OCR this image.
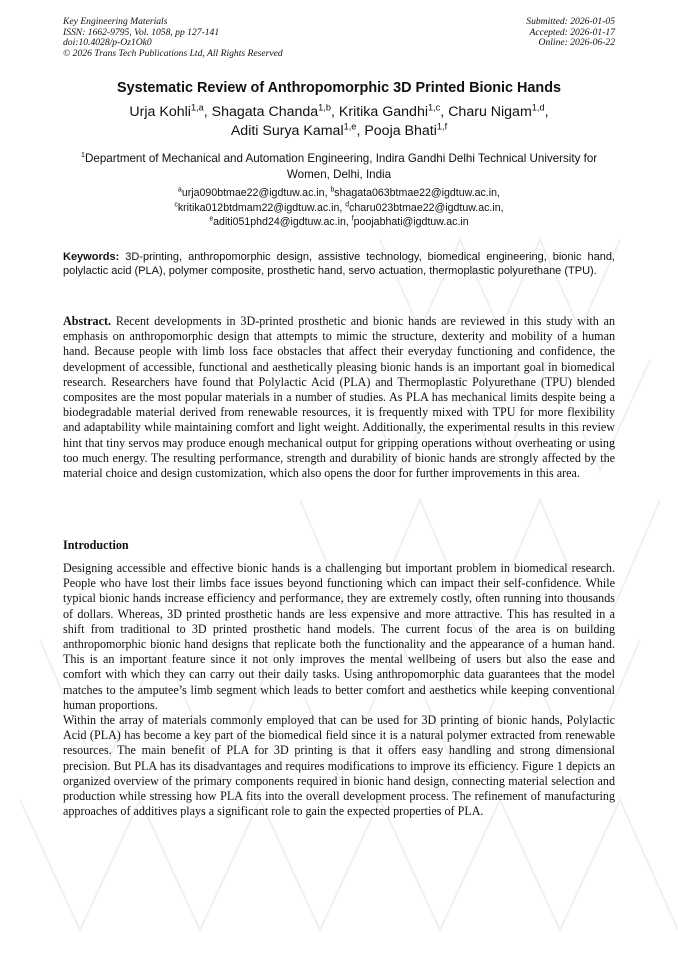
Key Engineering Materials
ISSN: 1662-9795, Vol. 1058, pp 127-141
doi:10.4028/p-Oz1Ok0
© 2026 Trans Tech Publications Ltd, All Rights Reserved
Submitted: 2026-01-05
Accepted: 2026-01-17
Online: 2026-06-22
Systematic Review of Anthropomorphic 3D Printed Bionic Hands
Urja Kohli$^{1,a}$, Shagata Chanda$^{1,b}$, Kritika Gandhi$^{1,c}$, Charu Nigam$^{1,d}$,
Aditi Surya Kamal$^{1,e}$, Pooja Bhati$^{1,f}$
$^1$Department of Mechanical and Automation Engineering, Indira Gandhi Delhi Technical University for Women, Delhi, India
$^a$urja090btmae22@igdtuw.ac.in, $^b$shagata063btmae22@igdtuw.ac.in,
$^c$kritika012btdmam22@igdtuw.ac.in, $^d$charu023btmae22@igdtuw.ac.in,
$^e$aditi051phd24@igdtuw.ac.in, $^f$poojabhati@igdtuw.ac.in
Keywords: 3D-printing, anthropomorphic design, assistive technology, biomedical engineering, bionic hand, polylactic acid (PLA), polymer composite, prosthetic hand, servo actuation, thermoplastic polyurethane (TPU).
Abstract. Recent developments in 3D-printed prosthetic and bionic hands are reviewed in this study with an emphasis on anthropomorphic design that attempts to mimic the structure, dexterity and mobility of a human hand. Because people with limb loss face obstacles that affect their everyday functioning and confidence, the development of accessible, functional and aesthetically pleasing bionic hands is an important goal in biomedical research. Researchers have found that Polylactic Acid (PLA) and Thermoplastic Polyurethane (TPU) blended composites are the most popular materials in a number of studies. As PLA has mechanical limits despite being a biodegradable material derived from renewable resources, it is frequently mixed with TPU for more flexibility and adaptability while maintaining comfort and light weight. Additionally, the experimental results in this review hint that tiny servos may produce enough mechanical output for gripping operations without overheating or using too much energy. The resulting performance, strength and durability of bionic hands are strongly affected by the material choice and design customization, which also opens the door for further improvements in this area.
Introduction

Designing accessible and effective bionic hands is a challenging but important problem in biomedical research. People who have lost their limbs face issues beyond functioning which can impact their self-confidence. While typical bionic hands increase efficiency and performance, they are extremely costly, often running into thousands of dollars. Whereas, 3D printed prosthetic hands are less expensive and more attractive. This has resulted in a shift from traditional to 3D printed prosthetic hand models. The current focus of the area is on building anthropomorphic bionic hand designs that replicate both the functionality and the appearance of a human hand. This is an important feature since it not only improves the mental wellbeing of users but also the ease and comfort with which they can carry out their daily tasks. Using anthropomorphic data guarantees that the model matches to the amputee’s limb segment which leads to better comfort and aesthetics while keeping conventional human proportions.

Within the array of materials commonly employed that can be used for 3D printing of bionic hands, Polylactic Acid (PLA) has become a key part of the biomedical field since it is a natural polymer extracted from renewable resources. The main benefit of PLA for 3D printing is that it offers easy handling and strong dimensional precision. But PLA has its disadvantages and requires modifications to improve its efficiency. Figure 1 depicts an organized overview of the primary components required in bionic hand design, connecting material selection and production while stressing how PLA fits into the overall development process. The refinement of manufacturing approaches of additives plays a significant role to gain the expected properties of PLA.
